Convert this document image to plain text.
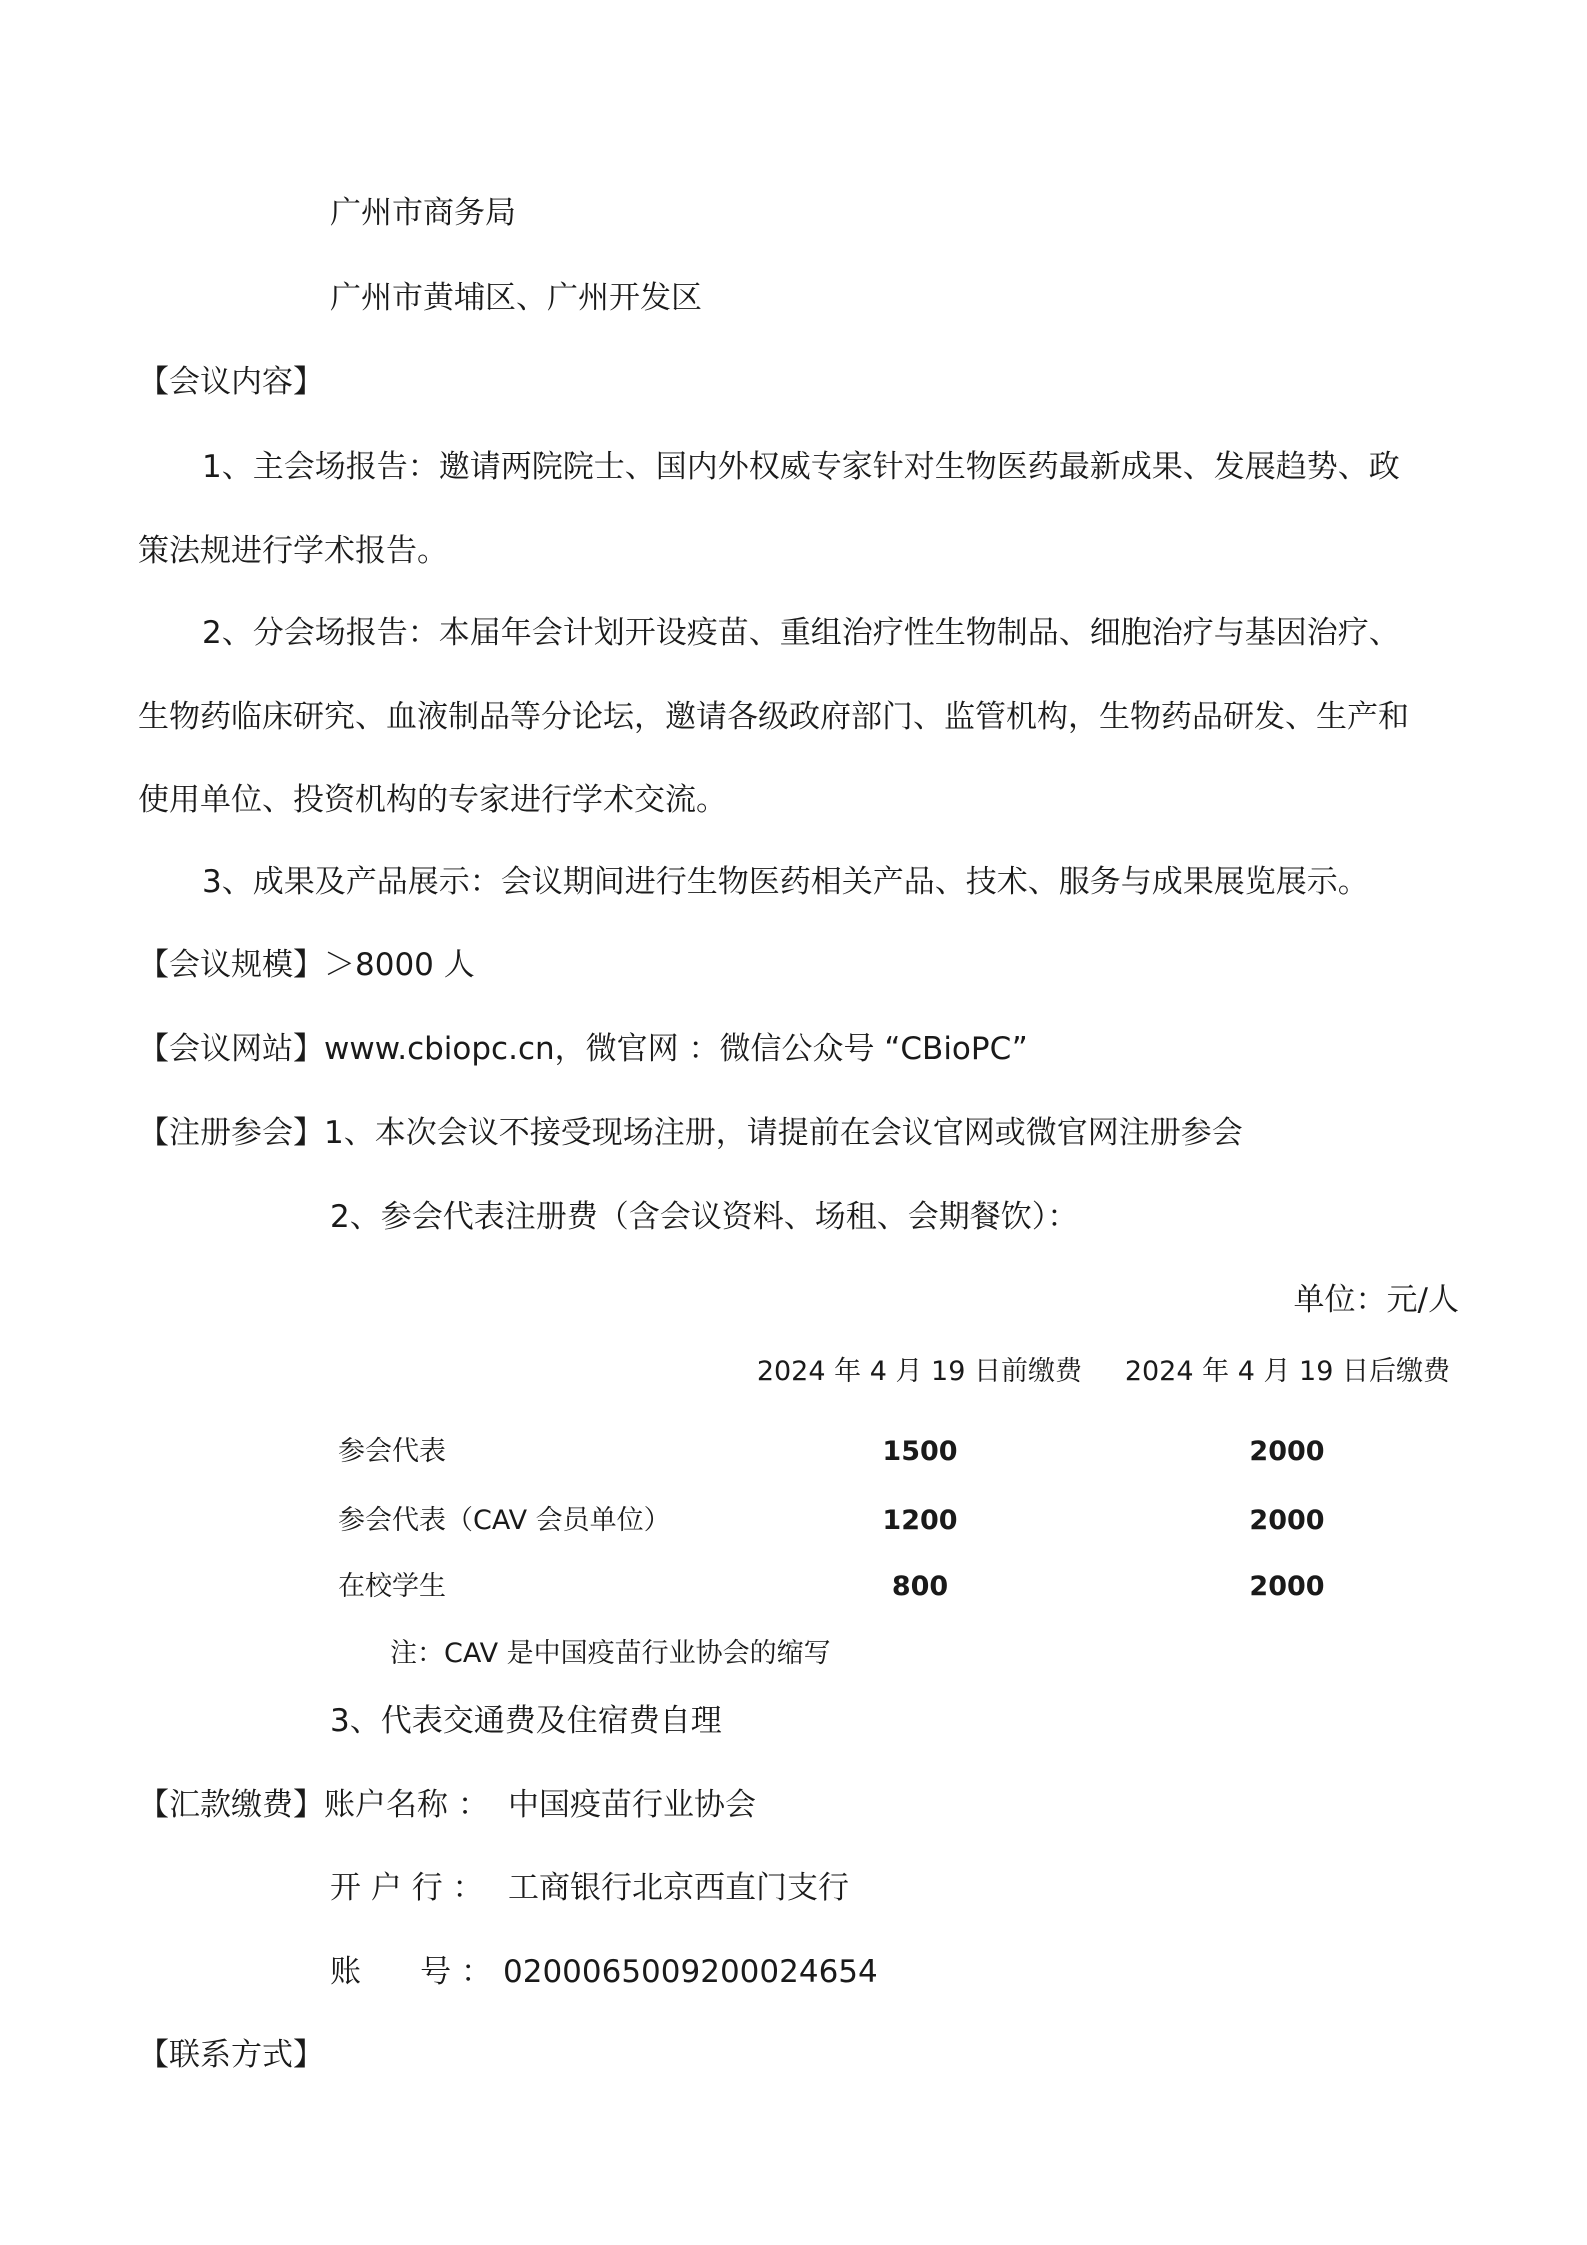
广州市商务局
广州市黄埔区、广州开发区
【会议内容】
1、主会场报告：邀请两院院士、国内外权威专家针对生物医药最新成果、发展趋势、政
策法规进行学术报告。
2、分会场报告：本届年会计划开设疫苗、重组治疗性生物制品、细胞治疗与基因治疗、
生物药临床研究、血液制品等分论坛，邀请各级政府部门、监管机构，生物药品研发、生产和
使用单位、投资机构的专家进行学术交流。
3、成果及产品展示：会议期间进行生物医药相关产品、技术、服务与成果展览展示。
【会议规模】＞8000 人
【会议网站】www.cbiopc.cn，微官网 ：微信公众号 “CBioPC”
【注册参会】1、本次会议不接受现场注册，请提前在会议官网或微官网注册参会
2、参会代表注册费（含会议资料、场租、会期餐饮）：
单位：元/人
2024 年 4 月 19 日前缴费 2024 年 4 月 19 日后缴费
参会代表	1500	2000
参会代表（CAV 会员单位）	1200	2000
在校学生	800	2000
注：CAV 是中国疫苗行业协会的缩写
3、代表交通费及住宿费自理
【汇款缴费】账户名称 ： 中国疫苗行业协会
开 户 行 ： 工商银行北京西直门支行
账      号 ： 0200065009200024654
【联系方式】
